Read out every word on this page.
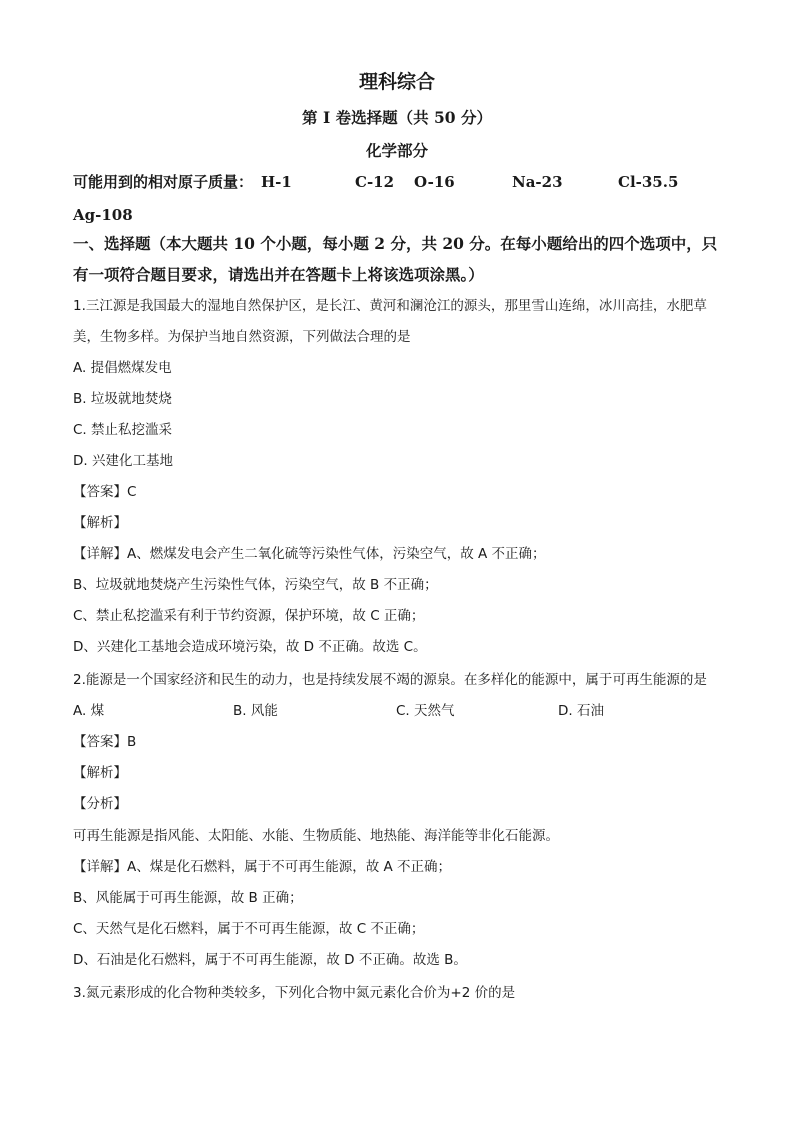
理科综合
第 I 卷选择题（共 50 分）
化学部分
可能用到的相对原子质量： H-1	C-12 O-16	Na-23	Cl-35.5
Ag-108
一、选择题（本大题共 10 个小题，每小题 2 分，共 20 分。在每小题给出的四个选项中，只
有一项符合题目要求，请选出并在答题卡上将该选项涂黑。）
1.三江源是我国最大的湿地自然保护区，是长江、黄河和澜沧江的源头，那里雪山连绵，冰川高挂，水肥草
美，生物多样。为保护当地自然资源，下列做法合理的是
A. 提倡燃煤发电
B. 垃圾就地焚烧
C. 禁止私挖滥采
D. 兴建化工基地
【答案】C
【解析】
【详解】A、燃煤发电会产生二氧化硫等污染性气体，污染空气，故 A 不正确；
B、垃圾就地焚烧产生污染性气体，污染空气，故 B 不正确；
C、禁止私挖滥采有利于节约资源，保护环境，故 C 正确；
D、兴建化工基地会造成环境污染，故 D 不正确。故选 C。
2.能源是一个国家经济和民生的动力，也是持续发展不竭的源泉。在多样化的能源中，属于可再生能源的是
A. 煤	B. 风能	C. 天然气	D. 石油
【答案】B
【解析】
【分析】
可再生能源是指风能、太阳能、水能、生物质能、地热能、海洋能等非化石能源。
【详解】A、煤是化石燃料，属于不可再生能源，故 A 不正确；
B、风能属于可再生能源，故 B 正确；
C、天然气是化石燃料，属于不可再生能源，故 C 不正确；
D、石油是化石燃料，属于不可再生能源，故 D 不正确。故选 B。
3.氮元素形成的化合物种类较多，下列化合物中氮元素化合价为+2 价的是
